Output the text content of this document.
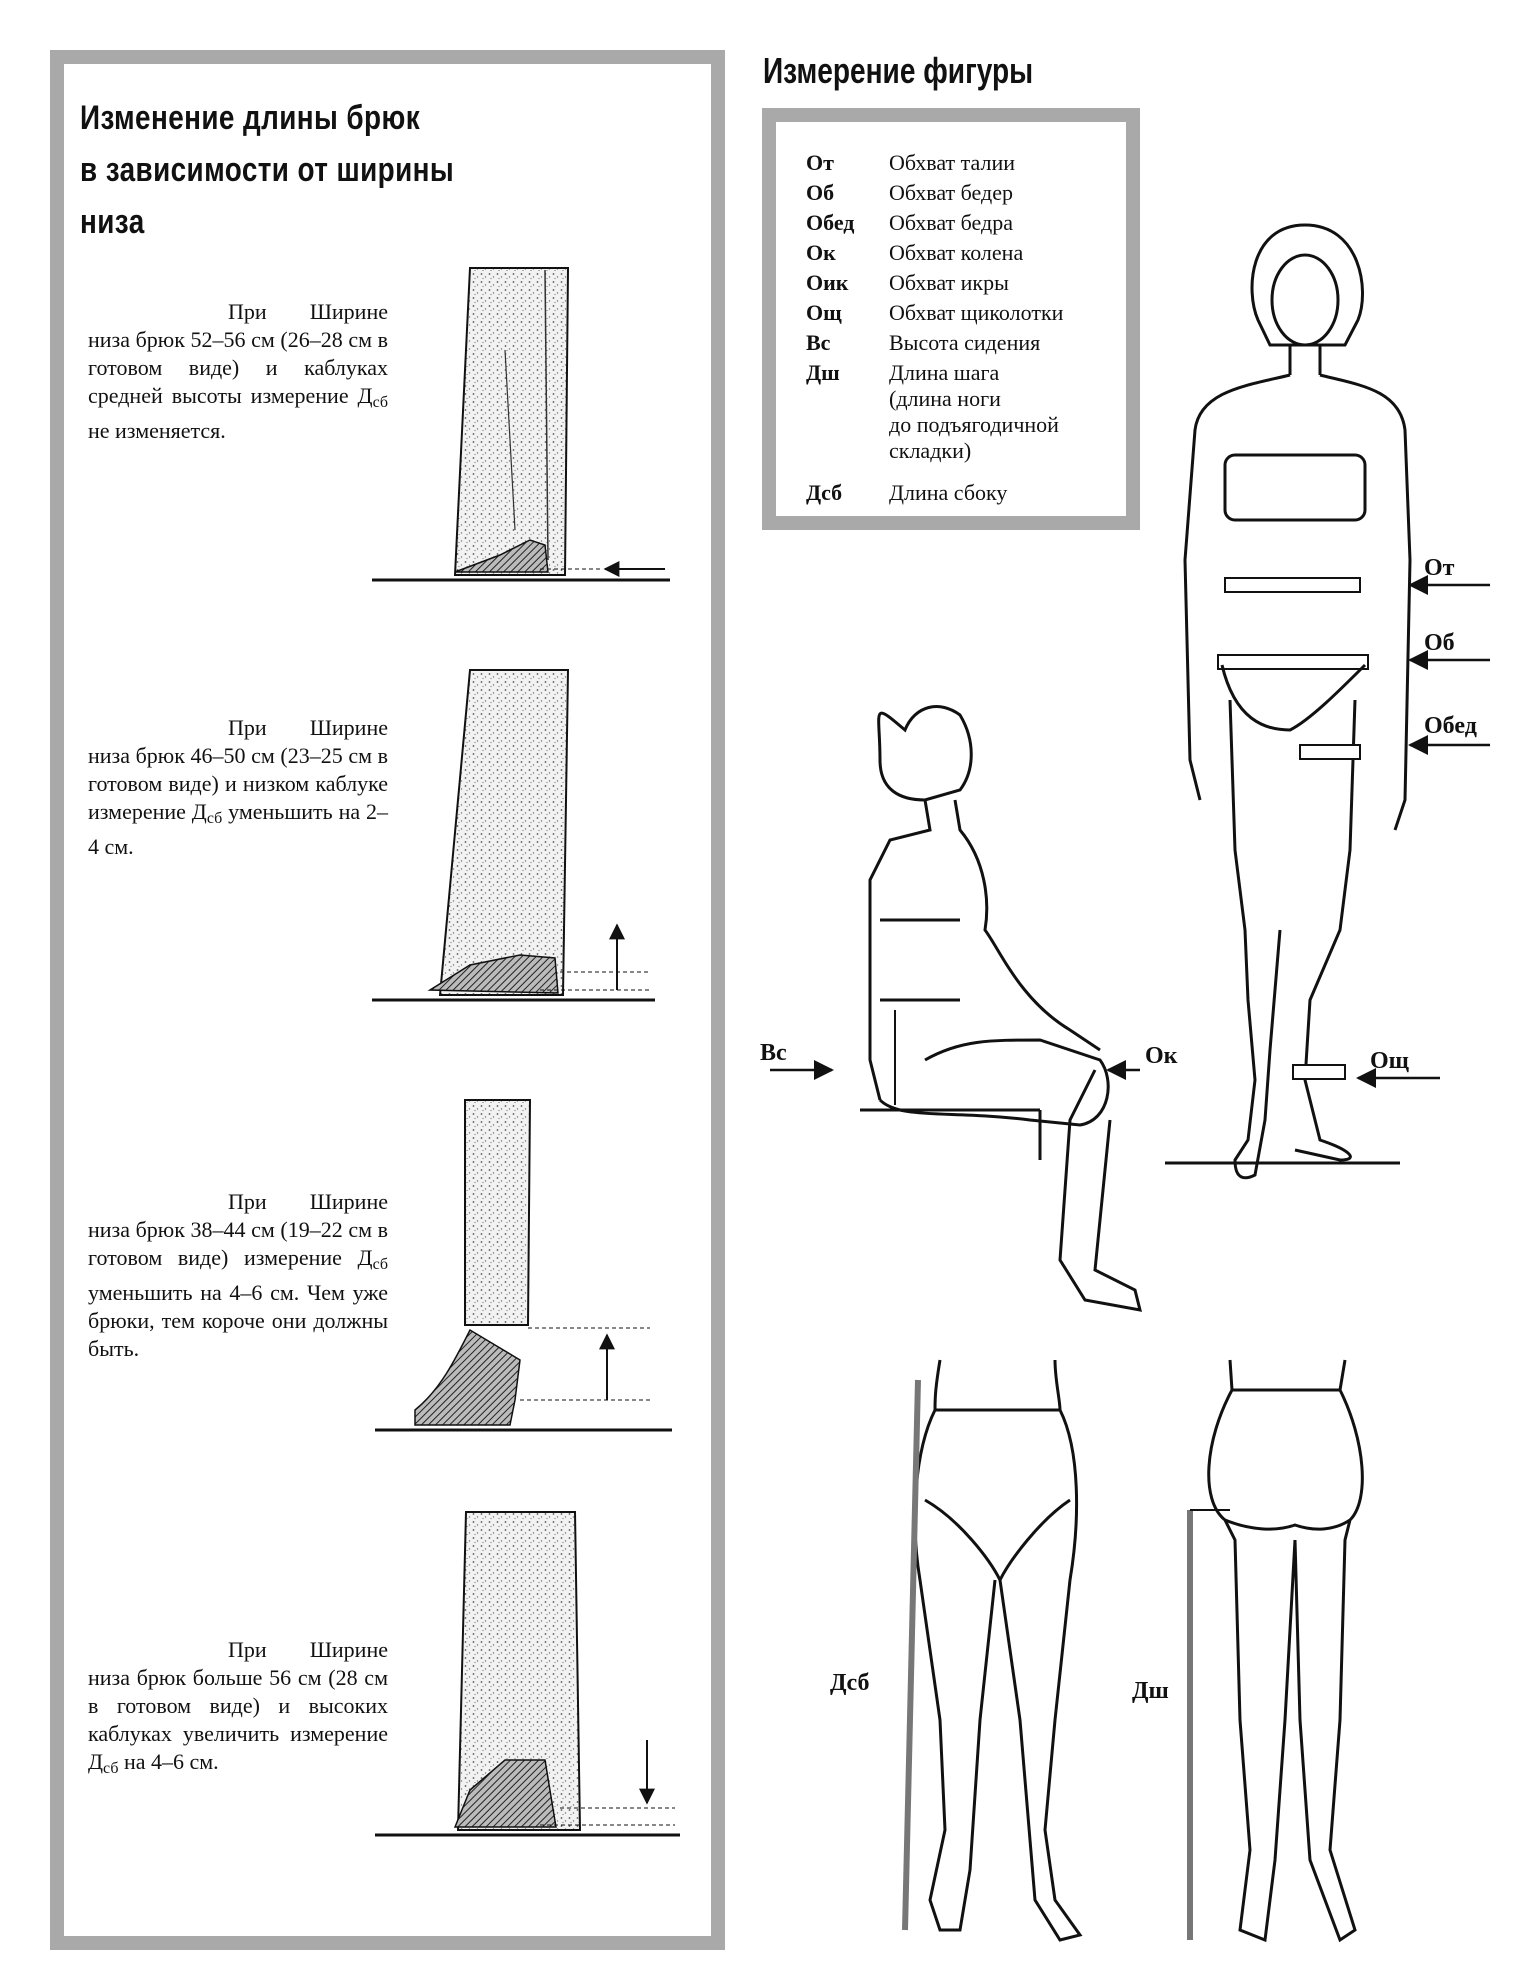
Изменение длины брюк
в зависимости от ширины низа
При Ширине низа брюк 52–56 см (26–28 см в готовом виде) и каблуках средней высоты измерение $Д_{сб}$ не изменяется.
При Ширине низа брюк 46–50 см (23–25 см в готовом виде) и низком каблуке измерение $Д_{сб}$ уменьшить на 2–4 см.
При Ширине низа брюк 38–44 см (19–22 см в готовом виде) измерение $Д_{сб}$ уменьшить на 4–6 см. Чем уже брюки, тем короче они должны быть.
При Ширине низа брюк больше 56 см (28 см в готовом виде) и высоких каблуках увеличить измерение $Д_{сб}$ на 4–6 см.
Измерение фигуры
От	Обхват талии
Об	Обхват бедер
Обед	Обхват бедра
Ок	Обхват колена
Оик	Обхват икры
Ощ	Обхват щиколотки
Вс	Высота сидения
Дш	Длина шага
(длина ноги
до подъягодичной
складки)
Дсб	Длина сбоку
От
Об
Обед
Ощ
Вс	Ок
Дсб	Дш
